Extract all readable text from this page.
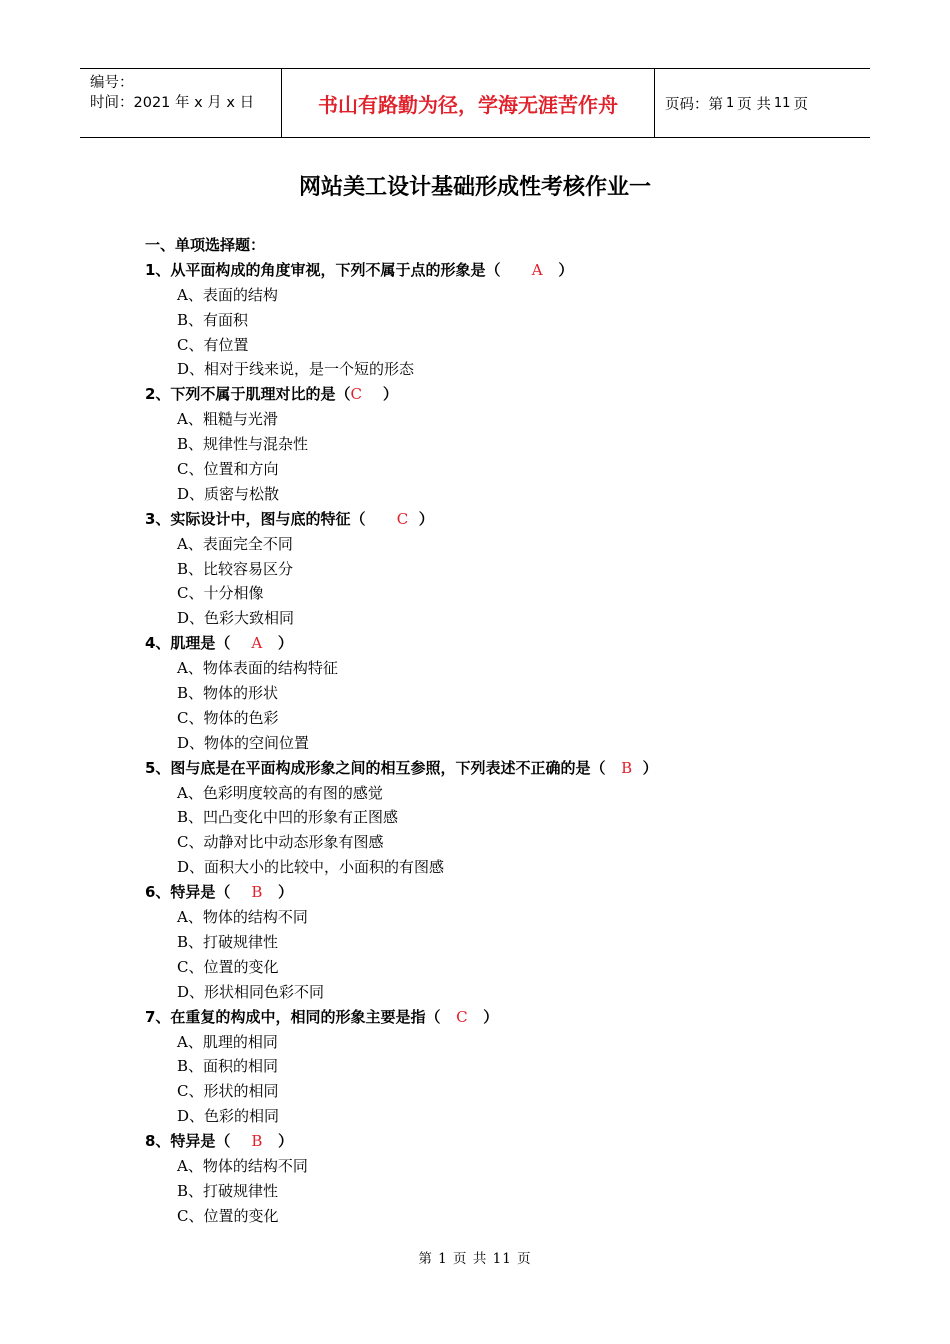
编号：
时间：2021 年 x 月 x 日	书山有路勤为径，学海无涯苦作舟	页码：第 1 页 共 11 页
网站美工设计基础形成性考核作业一
一、单项选择题：
1、从平面构成的角度审视，下列不属于点的形象是（ A ）
A、表面的结构
B、有面积
C、有位置
D、相对于线来说，是一个短的形态
2、下列不属于肌理对比的是（C ）
A、粗糙与光滑
B、规律性与混杂性
C、位置和方向
D、质密与松散
3、实际设计中，图与底的特征（ C ）
A、表面完全不同
B、比较容易区分
C、十分相像
D、色彩大致相同
4、肌理是（ A ）
A、物体表面的结构特征
B、物体的形状
C、物体的色彩
D、物体的空间位置
5、图与底是在平面构成形象之间的相互参照，下列表述不正确的是（ B ）
A、色彩明度较高的有图的感觉
B、凹凸变化中凹的形象有正图感
C、动静对比中动态形象有图感
D、面积大小的比较中，小面积的有图感
6、特异是（ B ）
A、物体的结构不同
B、打破规律性
C、位置的变化
D、形状相同色彩不同
7、在重复的构成中，相同的形象主要是指（ C ）
A、肌理的相同
B、面积的相同
C、形状的相同
D、色彩的相同
8、特异是（ B ）
A、物体的结构不同
B、打破规律性
C、位置的变化
第 1 页 共 11 页
